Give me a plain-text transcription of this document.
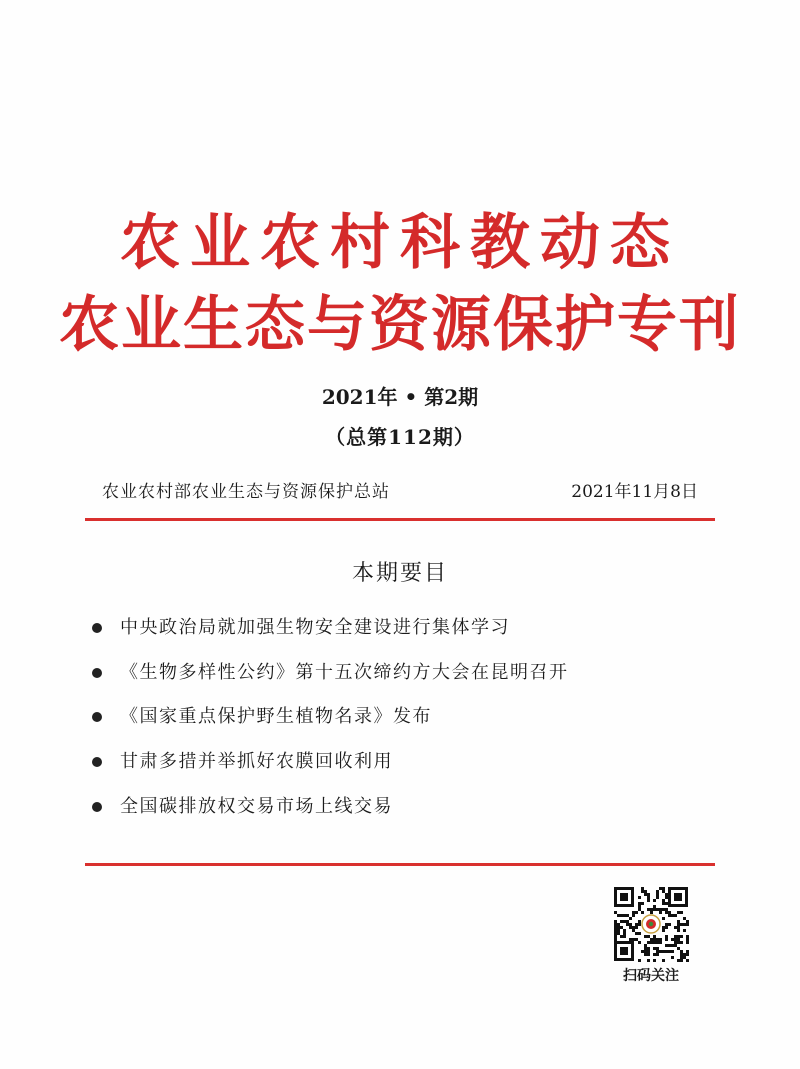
农业农村科教动态
农业生态与资源保护专刊
2021年 • 第2期
（总第112期）
农业农村部农业生态与资源保护总站	2021年11月8日
本期要目
中央政治局就加强生物安全建设进行集体学习
《生物多样性公约》第十五次缔约方大会在昆明召开
《国家重点保护野生植物名录》发布
甘肃多措并举抓好农膜回收利用
全国碳排放权交易市场上线交易
扫码关注
